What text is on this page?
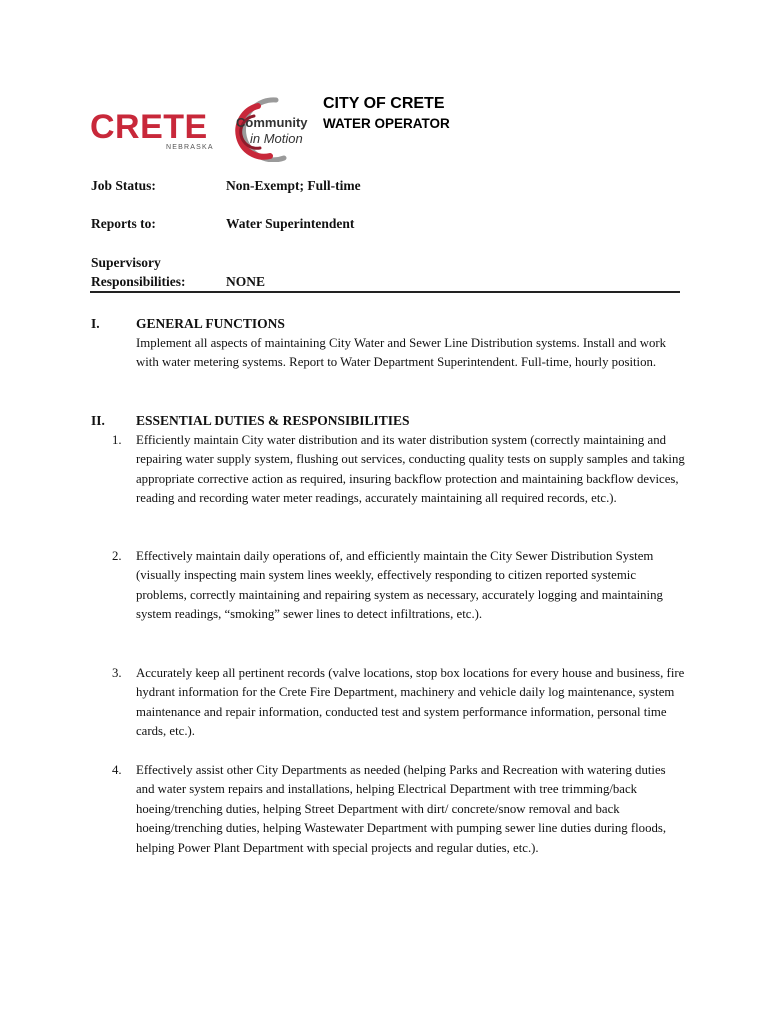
CRETE
NEBRASKA
Community
in Motion
CITY OF CRETE
WATER OPERATOR
Job Status:	Non-Exempt; Full-time
Reports to:	Water Superintendent
Supervisory
Responsibilities:	NONE
I.	GENERAL FUNCTIONS
Implement all aspects of maintaining City Water and Sewer Line Distribution systems. Install and work with water metering systems. Report to Water Department Superintendent. Full-time, hourly position.
II. ESSENTIAL DUTIES & RESPONSIBILITIES
1. Efficiently maintain City water distribution and its water distribution system (correctly maintaining and repairing water supply system, flushing out services, conducting quality tests on supply samples and taking appropriate corrective action as required, insuring backflow protection and maintaining backflow devices, reading and recording water meter readings, accurately maintaining all required records, etc.).
2. Effectively maintain daily operations of, and efficiently maintain the City Sewer Distribution System (visually inspecting main system lines weekly, effectively responding to citizen reported systemic problems, correctly maintaining and repairing system as necessary, accurately logging and maintaining system readings, “smoking” sewer lines to detect infiltrations, etc.).
3. Accurately keep all pertinent records (valve locations, stop box locations for every house and business, fire hydrant information for the Crete Fire Department, machinery and vehicle daily log maintenance, system maintenance and repair information, conducted test and system performance information, personal time cards, etc.).
4. Effectively assist other City Departments as needed (helping Parks and Recreation with watering duties and water system repairs and installations, helping Electrical Department with tree trimming/back hoeing/trenching duties, helping Street Department with dirt/ concrete/snow removal and back hoeing/trenching duties, helping Wastewater Department with pumping sewer line duties during floods, helping Power Plant Department with special projects and regular duties, etc.).
